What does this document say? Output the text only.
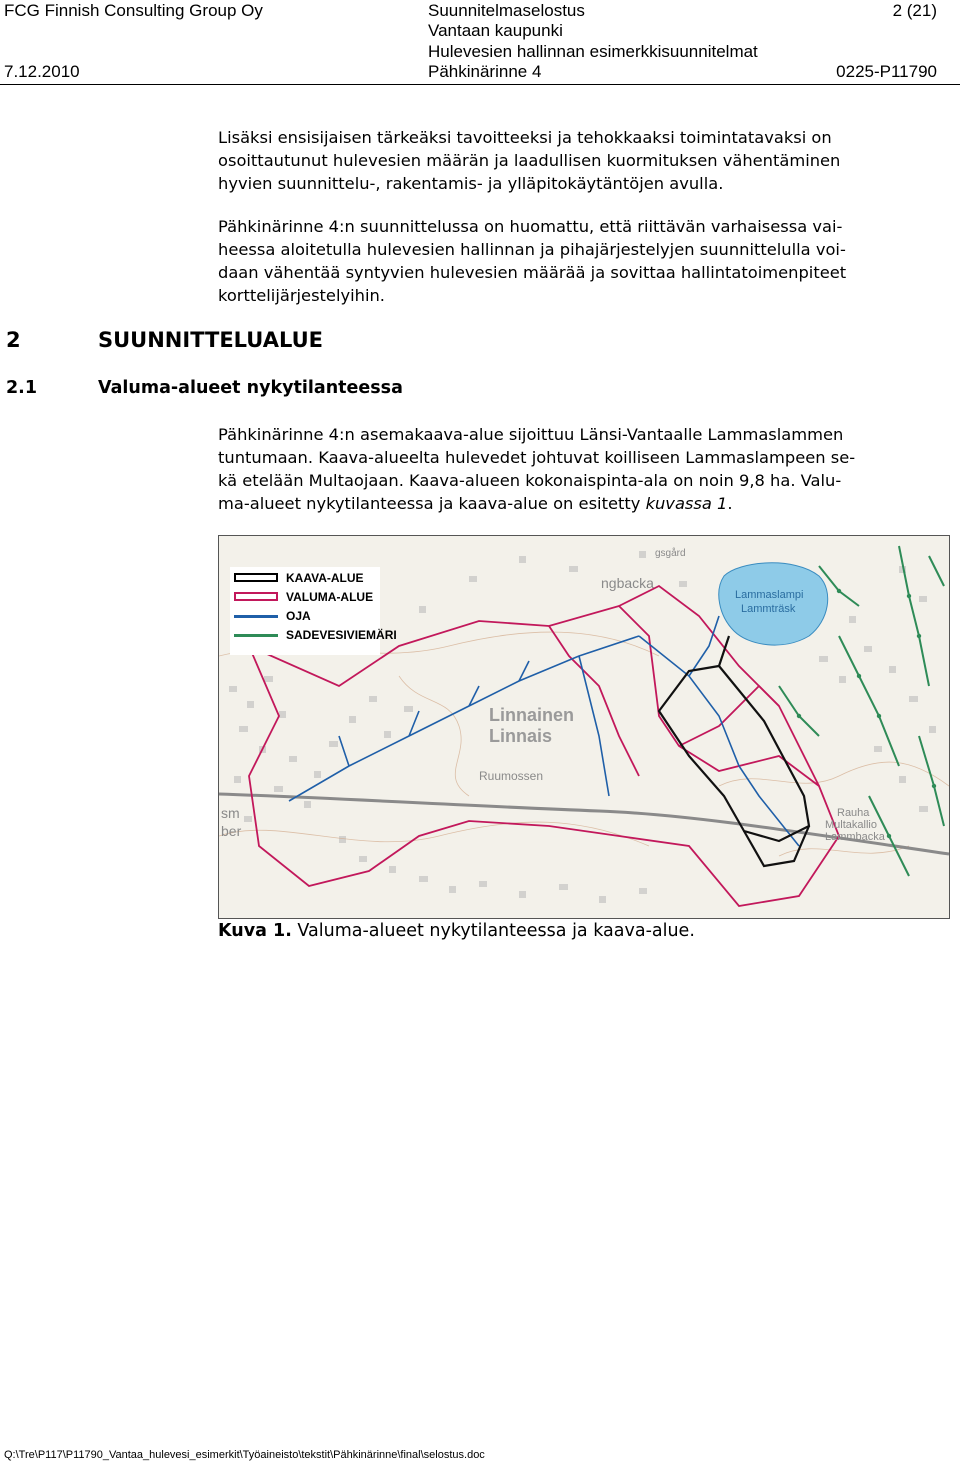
FCG Finnish Consulting Group Oy
7.12.2010
Suunnitelmaselostus
Vantaan kaupunki
Hulevesien hallinnan esimerkkisuunnitelmat
Pähkinärinne 4
2 (21)
0225-P11790
Lisäksi ensisijaisen tärkeäksi tavoitteeksi ja tehokkaaksi toimintatavaksi on
osoittautunut hulevesien määrän ja laadullisen kuormituksen vähentäminen
hyvien suunnittelu-, rakentamis- ja ylläpitokäytäntöjen avulla.
Pähkinärinne 4:n suunnittelussa on huomattu, että riittävän varhaisessa vai-
heessa aloitetulla hulevesien hallinnan ja pihajärjestelyjen suunnittelulla voi-
daan vähentää syntyvien hulevesien määrää ja sovittaa hallintatoimenpiteet
korttelijärjestelyihin.
2	SUUNNITTELUALUE
2.1	Valuma-alueet nykytilanteessa
Pähkinärinne 4:n asemakaava-alue sijoittuu Länsi-Vantaalle Lammaslammen
tuntumaan. Kaava-alueelta hulevedet johtuvat koilliseen Lammaslampeen se-
kä etelään Multaojaan. Kaava-alueen kokonaispinta-ala on noin 9,8 ha. Valu-
ma-alueet nykytilanteessa ja kaava-alue on esitetty kuvassa 1.
Linnainen
Linnais
Lammaslampi
Lammträsk
ngbacka
Ruumossen
Rauha
Multakallio
Lammbacka
ber
sm
gsgård
KAAVA-ALUE
VALUMA-ALUE
OJA
SADEVESIVIEMÄRI
Kuva 1. Valuma-alueet nykytilanteessa ja kaava-alue.
Q:\Tre\P117\P11790_Vantaa_hulevesi_esimerkit\Työaineisto\tekstit\Pähkinärinne\final\selostus.doc
